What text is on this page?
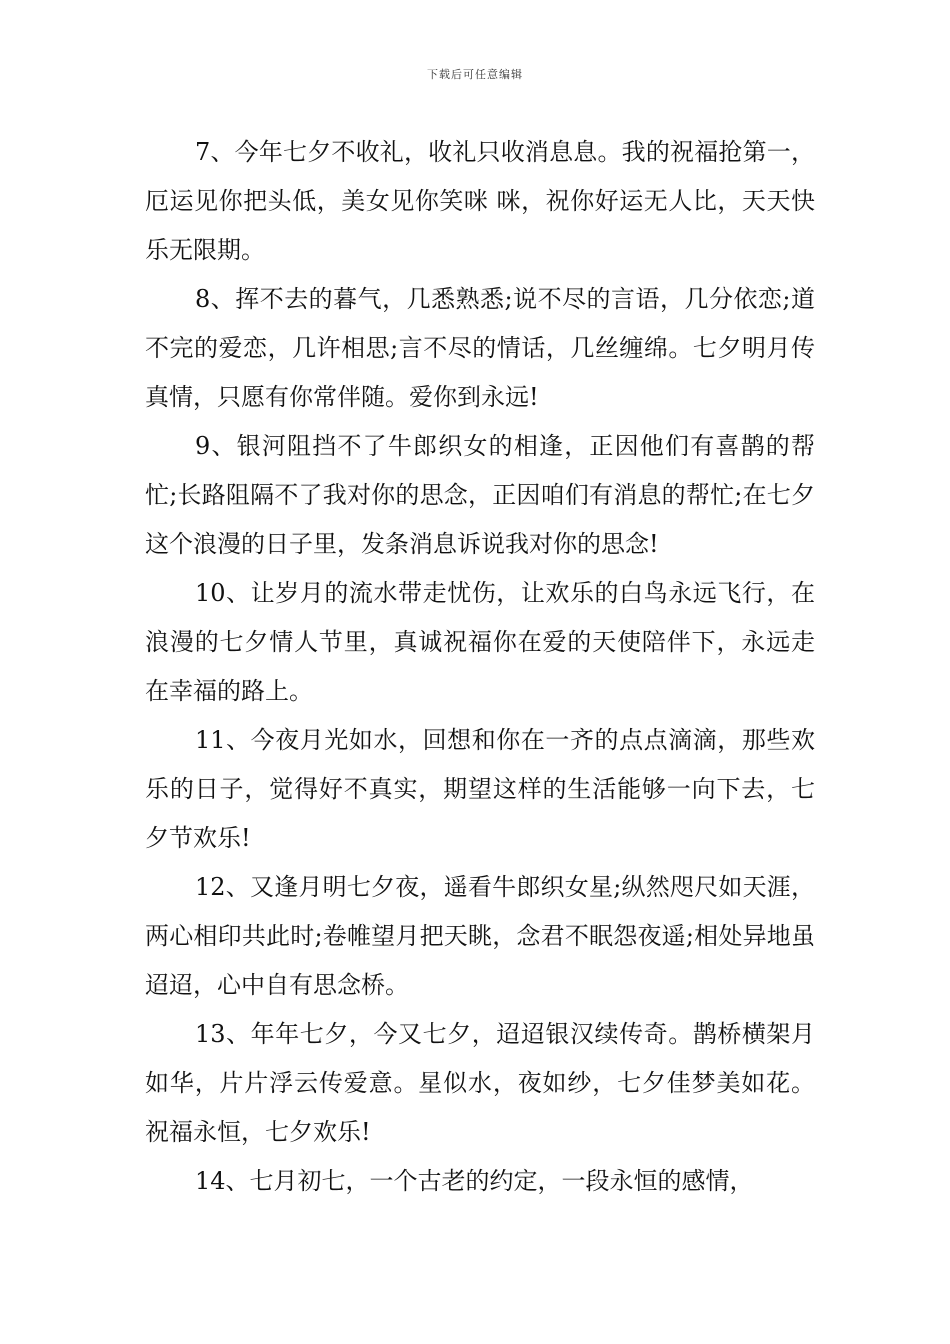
下载后可任意编辑

7、今年七夕不收礼，收礼只收消息息。我的祝福抢第一，厄运见你把头低，美女见你笑咪 咪，祝你好运无人比，天天快乐无限期。

8、挥不去的暮气，几悉熟悉;说不尽的言语，几分依恋;道不完的爱恋，几许相思;言不尽的情话，几丝缠绵。七夕明月传真情，只愿有你常伴随。爱你到永远!

9、银河阻挡不了牛郎织女的相逢，正因他们有喜鹊的帮忙;长路阻隔不了我对你的思念，正因咱们有消息的帮忙;在七夕这个浪漫的日子里，发条消息诉说我对你的思念!

10、让岁月的流水带走忧伤，让欢乐的白鸟永远飞行，在浪漫的七夕情人节里，真诚祝福你在爱的天使陪伴下，永远走在幸福的路上。

11、今夜月光如水，回想和你在一齐的点点滴滴，那些欢乐的日子，觉得好不真实，期望这样的生活能够一向下去，七夕节欢乐!

12、又逢月明七夕夜，遥看牛郎织女星;纵然咫尺如天涯，两心相印共此时;卷帷望月把天眺，念君不眠怨夜遥;相处异地虽迢迢，心中自有思念桥。

13、年年七夕，今又七夕，迢迢银汉续传奇。鹊桥横架月如华，片片浮云传爱意。星似水，夜如纱，七夕佳梦美如花。祝福永恒，七夕欢乐!

14、七月初七，一个古老的约定，一段永恒的感情，
